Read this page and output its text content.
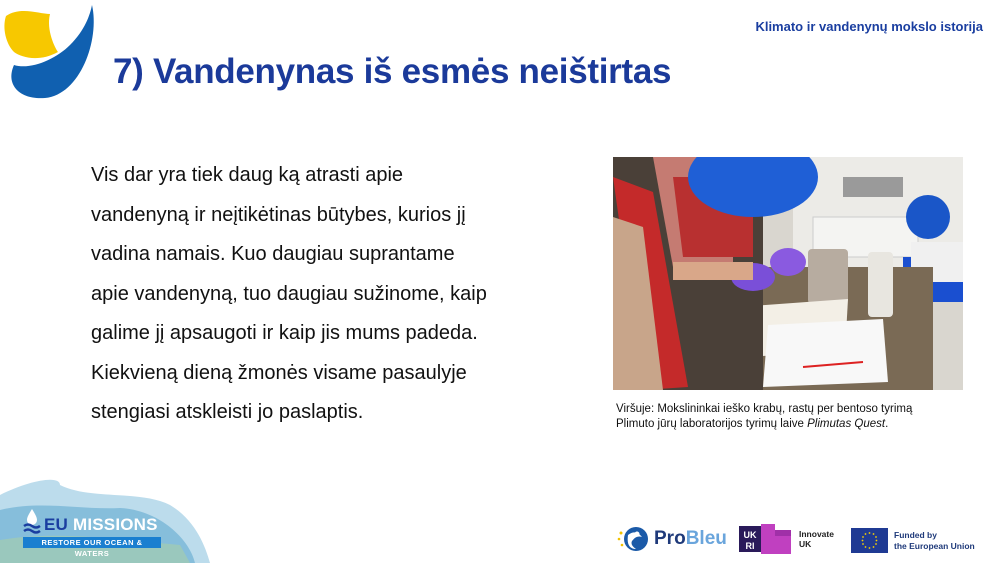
Klimato ir vandenynų mokslo istorija
7) Vandenynas iš esmės neištirtas

Vis dar yra tiek daug ką atrasti apie

vandenyną ir neįtikėtinas būtybes, kurios jį

vadina namais. Kuo daugiau suprantame

apie vandenyną, tuo daugiau sužinome, kaip

galime jį apsaugoti ir kaip jis mums padeda.

Kiekvieną dieną žmonės visame pasaulyje

stengiasi atskleisti jo paslaptis.	Viršuje: Mokslininkai ieško krabų, rastų per bentoso tyrimą
Plimuto jūrų laboratorijos tyrimų laive Plimutas Quest.
EU MISSIONS
RESTORE OUR OCEAN & WATERS
ProBleu UK
RI
Innovate
UK
Funded by
the European Union
